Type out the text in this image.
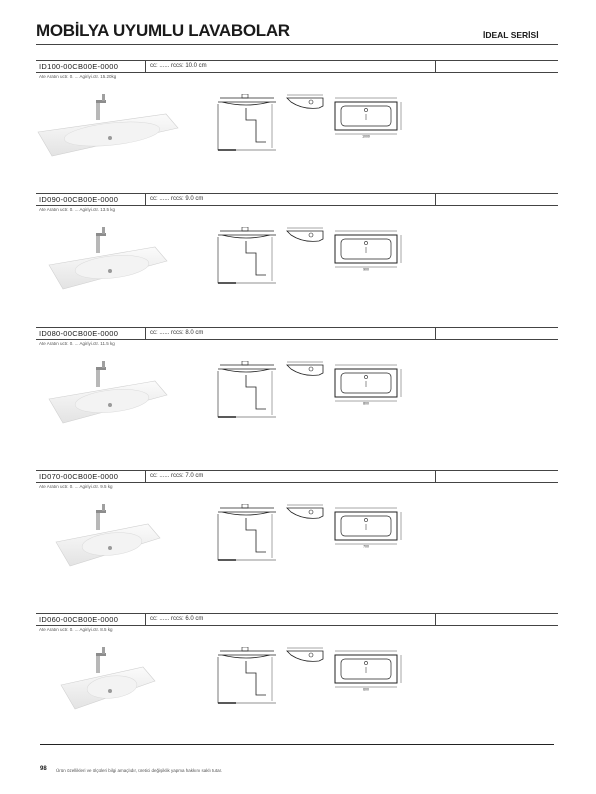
MOBİLYA UYUMLU LAVABOLAR	İDEAL SERİSİ
ID100-00CB00E-0000	cc: ...... rccs: 10.0 cm
Ate Aratın uctr. 0. ... Agiriyi.ctr. 15.20kg
1000
ID090-00CB00E-0000	cc: ...... rccs: 9.0 cm
Ate Aratın uctr. 0. ... Agiriyi.ctr. 13.5 kg
900
ID080-00CB00E-0000	cc: ...... rccs: 8.0 cm
Ate Aratın uctr. 0. ... Agiriyi.ctr. 11.5 kg
800
ID070-00CB00E-0000	cc: ...... rccs: 7.0 cm
Ate Aratın uctr. 0. ... Agiriyi.ctr. 9.5 kg
700
ID060-00CB00E-0000	cc: ...... rccs: 6.0 cm
Ate Aratın uctr. 0. ... Agiriyi.ctr. 8.5 kg
600
98 Ürün özellikleri ve ölçüleri bilgi amaçlıdır, üretici değişiklik yapma hakkını saklı tutar.
